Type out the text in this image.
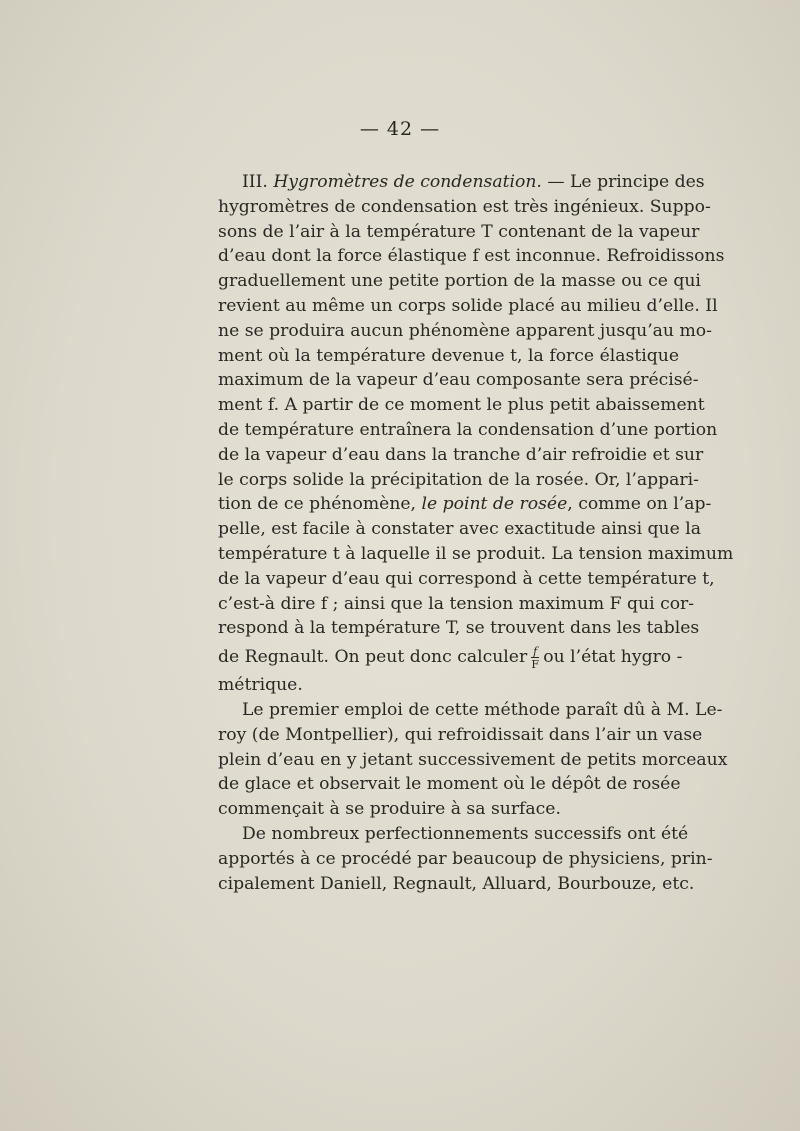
— 42 —
III. Hygromètres de condensation. — Le principe des
hygromètres de condensation est très ingénieux. Suppo-
sons de l’air à la température T contenant de la vapeur
d’eau dont la force élastique f est inconnue. Refroidissons
graduellement une petite portion de la masse ou ce qui
revient au même un corps solide placé au milieu d’elle. Il
ne se produira aucun phénomène apparent jusqu’au mo-
ment où la température devenue t, la force élastique
maximum de la vapeur d’eau composante sera précisé-
ment f. A partir de ce moment le plus petit abaissement
de température entraînera la condensation d’une portion
de la vapeur d’eau dans la tranche d’air refroidie et sur
le corps solide la précipitation de la rosée. Or, l’appari-
tion de ce phénomène, le point de rosée, comme on l’ap-
pelle, est facile à constater avec exactitude ainsi que la
température t à laquelle il se produit. La tension maximum
de la vapeur d’eau qui correspond à cette température t,
c’est-à dire f ; ainsi que la tension maximum F qui cor-
respond à la température T, se trouvent dans les tables
de Regnault. On peut donc calculer $\frac{f}{F}$ ou l’état hygro -
métrique.
Le premier emploi de cette méthode paraît dû à M. Le-
roy (de Montpellier), qui refroidissait dans l’air un vase
plein d’eau en y jetant successivement de petits morceaux
de glace et observait le moment où le dépôt de rosée
commençait à se produire à sa surface.
De nombreux perfectionnements successifs ont été
apportés à ce procédé par beaucoup de physiciens, prin-
cipalement Daniell, Regnault, Alluard, Bourbouze, etc.
